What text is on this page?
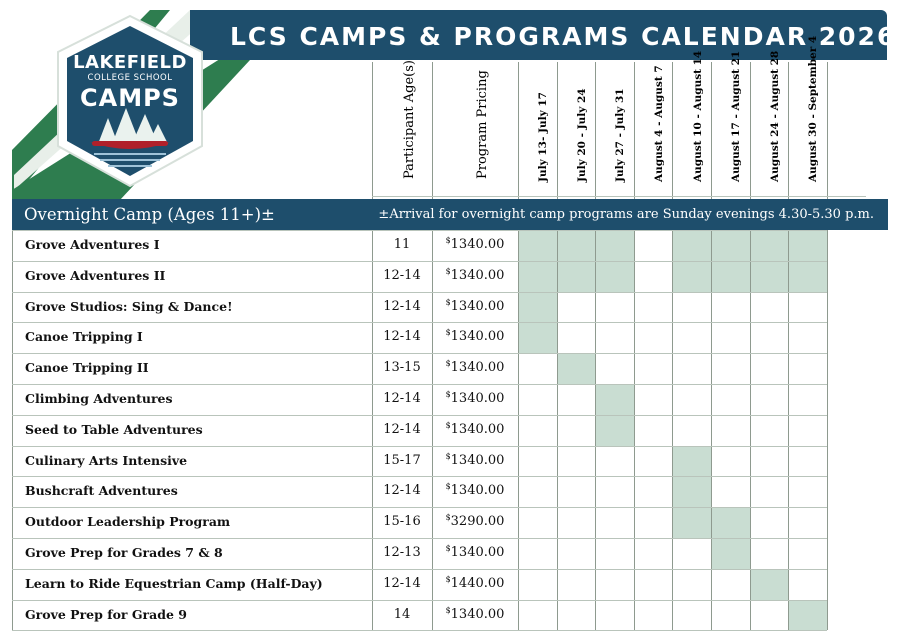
LCS CAMPS & PROGRAMS CALENDAR 2026
LAKEFIELD
COLLEGE SCHOOL
CAMPS	Participant Age(s)	Program Pricing	July 13- July 17	July 20 - July 24	July 27 - July 31	August 4 - August 7	August 10 - August 14	August 17 - August 21	August 24 - August 28	August 30 - September 4
Overnight Camp (Ages 11+)±	±Arrival for overnight camp programs are Sunday evenings 4.30-5.30 p.m.
Grove Adventures I	11	$1340.00
Grove Adventures II	12-14	$1340.00
Grove Studios: Sing & Dance!	12-14	$1340.00
Canoe Tripping I	12-14	$1340.00
Canoe Tripping II	13-15	$1340.00
Climbing Adventures	12-14	$1340.00
Seed to Table Adventures	12-14	$1340.00
Culinary Arts Intensive	15-17	$1340.00
Bushcraft Adventures	12-14	$1340.00
Outdoor Leadership Program	15-16	$3290.00
Grove Prep for Grades 7 & 8	12-13	$1340.00
Learn to Ride Equestrian Camp (Half-Day)	12-14	$1440.00
Grove Prep for Grade 9	14	$1340.00
